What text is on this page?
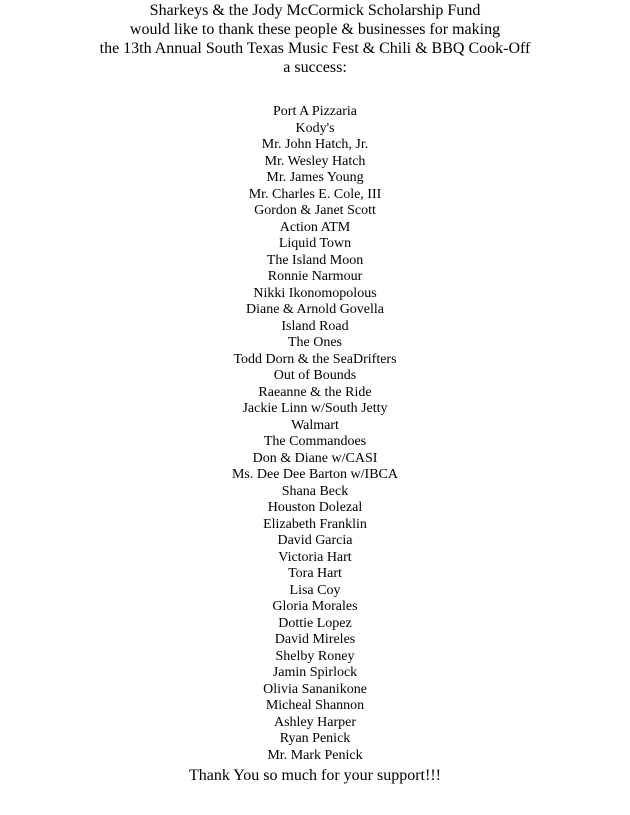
Sharkeys & the Jody McCormick Scholarship Fund
would like to thank these people & businesses for making
the 13th Annual South Texas Music Fest & Chili & BBQ Cook-Off
a success:
Port A Pizzaria
Kody's
Mr. John Hatch, Jr.
Mr. Wesley Hatch
Mr. James Young
Mr. Charles E. Cole, III
Gordon & Janet Scott
Action ATM
Liquid Town
The Island Moon
Ronnie Narmour
Nikki Ikonomopolous
Diane & Arnold Govella
Island Road
The Ones
Todd Dorn & the SeaDrifters
Out of Bounds
Raeanne & the Ride
Jackie Linn w/South Jetty
Walmart
The Commandoes
Don & Diane w/CASI
Ms. Dee Dee Barton w/IBCA
Shana Beck
Houston Dolezal
Elizabeth Franklin
David Garcia
Victoria Hart
Tora Hart
Lisa Coy
Gloria Morales
Dottie Lopez
David Mireles
Shelby Roney
Jamin Spirlock
Olivia Sananikone
Micheal Shannon
Ashley Harper
Ryan Penick
Mr. Mark Penick
Thank You so much for your support!!!
